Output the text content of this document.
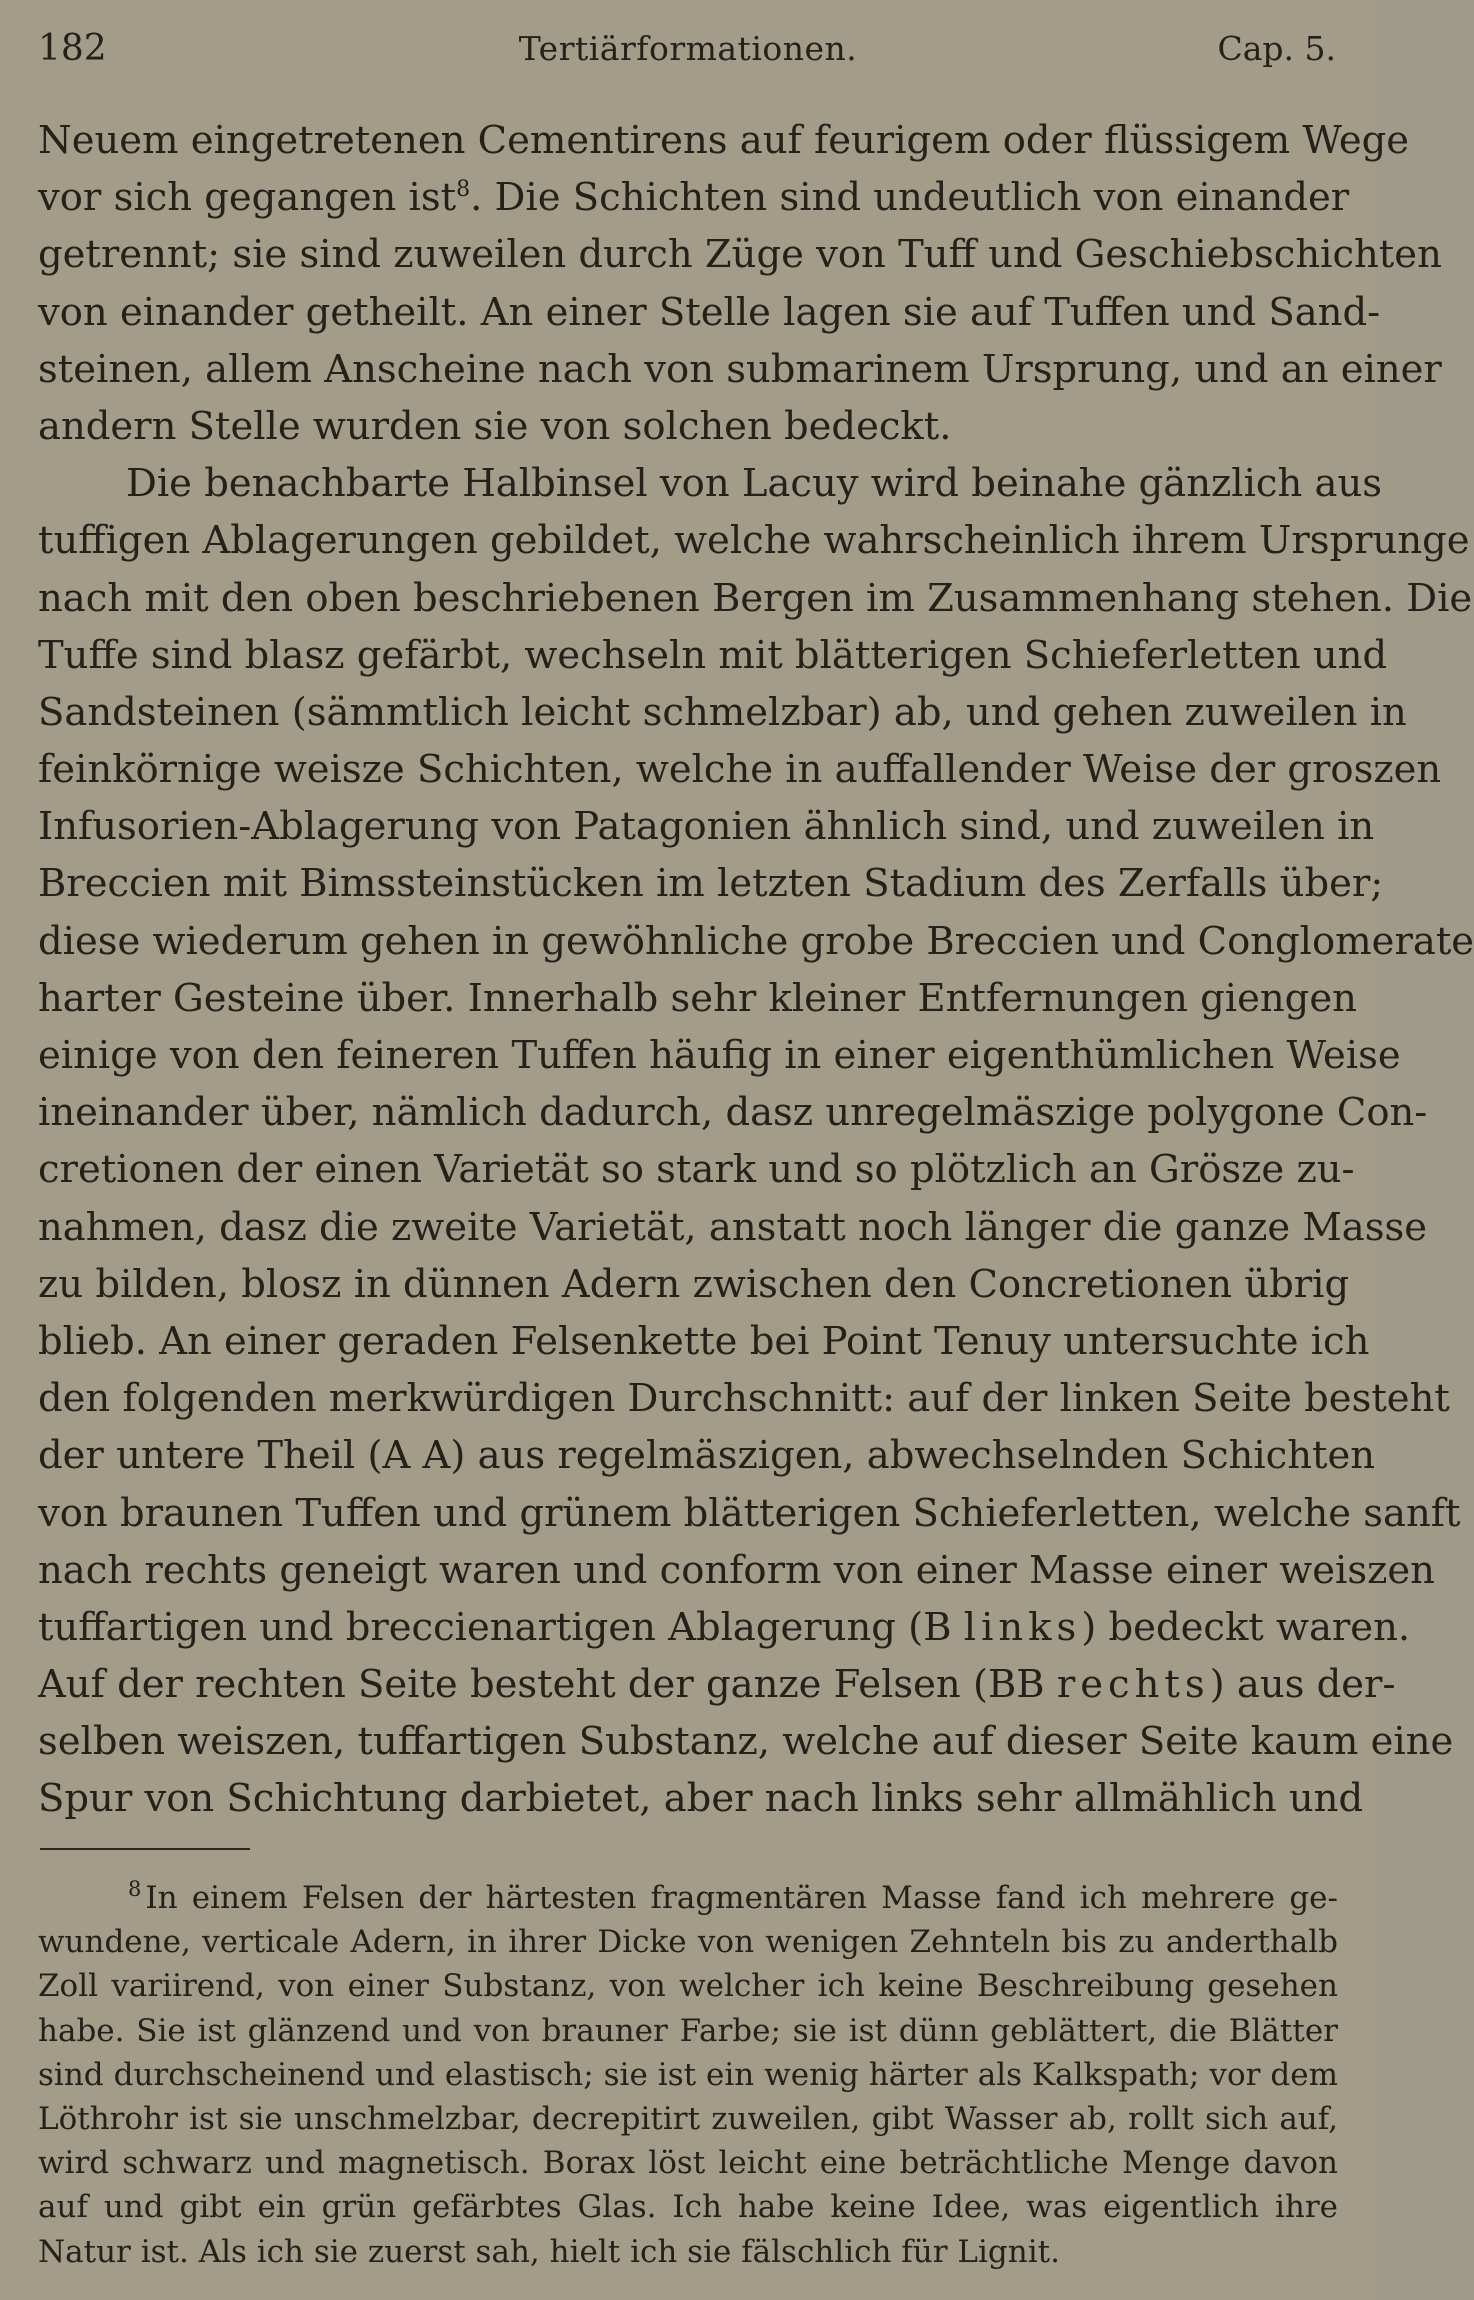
182	Tertiärformationen.	Cap. 5.
Neuem eingetretenen Cementirens auf feurigem oder flüssigem Wege
vor sich gegangen ist$^8$. Die Schichten sind undeutlich von einander
getrennt; sie sind zuweilen durch Züge von Tuff und Geschiebschichten
von einander getheilt. An einer Stelle lagen sie auf Tuffen und Sand-
steinen, allem Anscheine nach von submarinem Ursprung, und an einer
andern Stelle wurden sie von solchen bedeckt.
Die benachbarte Halbinsel von Lacuy wird beinahe gänzlich aus
tuffigen Ablagerungen gebildet, welche wahrscheinlich ihrem Ursprunge
nach mit den oben beschriebenen Bergen im Zusammenhang stehen. Die
Tuffe sind blasz gefärbt, wechseln mit blätterigen Schieferletten und
Sandsteinen (sämmtlich leicht schmelzbar) ab, und gehen zuweilen in
feinkörnige weisze Schichten, welche in auffallender Weise der groszen
Infusorien-Ablagerung von Patagonien ähnlich sind, und zuweilen in
Breccien mit Bimssteinstücken im letzten Stadium des Zerfalls über;
diese wiederum gehen in gewöhnliche grobe Breccien und Conglomerate
harter Gesteine über. Innerhalb sehr kleiner Entfernungen giengen
einige von den feineren Tuffen häufig in einer eigenthümlichen Weise
ineinander über, nämlich dadurch, dasz unregelmäszige polygone Con-
cretionen der einen Varietät so stark und so plötzlich an Grösze zu-
nahmen, dasz die zweite Varietät, anstatt noch länger die ganze Masse
zu bilden, blosz in dünnen Adern zwischen den Concretionen übrig
blieb. An einer geraden Felsenkette bei Point Tenuy untersuchte ich
den folgenden merkwürdigen Durchschnitt: auf der linken Seite besteht
der untere Theil (A A) aus regelmäszigen, abwechselnden Schichten
von braunen Tuffen und grünem blätterigen Schieferletten, welche sanft
nach rechts geneigt waren und conform von einer Masse einer weiszen
tuffartigen und breccienartigen Ablagerung (B links) bedeckt waren.
Auf der rechten Seite besteht der ganze Felsen (BB rechts) aus der-
selben weiszen, tuffartigen Substanz, welche auf dieser Seite kaum eine
Spur von Schichtung darbietet, aber nach links sehr allmählich und
$^8$ In einem Felsen der härtesten fragmentären Masse fand ich mehrere ge-
wundene, verticale Adern, in ihrer Dicke von wenigen Zehnteln bis zu anderthalb
Zoll variirend, von einer Substanz, von welcher ich keine Beschreibung gesehen
habe. Sie ist glänzend und von brauner Farbe; sie ist dünn geblättert, die Blätter
sind durchscheinend und elastisch; sie ist ein wenig härter als Kalkspath; vor dem
Löthrohr ist sie unschmelzbar, decrepitirt zuweilen, gibt Wasser ab, rollt sich auf,
wird schwarz und magnetisch. Borax löst leicht eine beträchtliche Menge davon
auf und gibt ein grün gefärbtes Glas. Ich habe keine Idee, was eigentlich ihre
Natur ist. Als ich sie zuerst sah, hielt ich sie fälschlich für Lignit.
